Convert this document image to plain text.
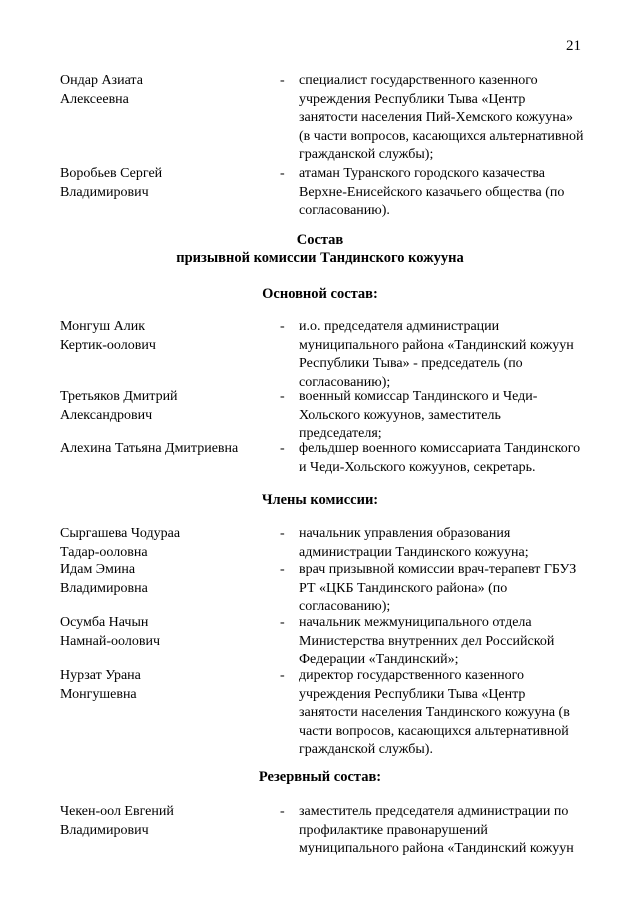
21
Ондар Азиата
Алексеевна
- специалист государственного казенного
учреждения Республики Тыва «Центр
занятости населения Пий-Хемского кожууна»
(в части вопросов, касающихся альтернативной
гражданской службы);
Воробьев Сергей
Владимирович
- атаман Туранского городского казачества
Верхне-Енисейского казачьего общества (по
согласованию).
Состав
призывной комиссии Тандинского кожууна
Основной состав:
Монгуш Алик
Кертик-оолович
- и.о. председателя администрации
муниципального района «Тандинский кожуун
Республики Тыва» - председатель (по
согласованию);
Третьяков Дмитрий
Александрович
- военный комиссар Тандинского и Чеди-
Хольского кожуунов, заместитель
председателя;
Алехина Татьяна Дмитриевна	- фельдшер военного комиссариата Тандинского
и Чеди-Хольского кожуунов, секретарь.
Члены комиссии:
Сыргашева Чодураа
Тадар-ооловна
- начальник управления образования
администрации Тандинского кожууна;
Идам Эмина
Владимировна
- врач призывной комиссии врач-терапевт ГБУЗ
РТ «ЦКБ Тандинского района» (по
согласованию);
Осумба Начын
Намнай-оолович
- начальник межмуниципального отдела
Министерства внутренних дел Российской
Федерации «Тандинский»;
Нурзат Урана
Монгушевна
- директор государственного казенного
учреждения Республики Тыва «Центр
занятости населения Тандинского кожууна (в
части вопросов, касающихся альтернативной
гражданской службы).
Резервный состав:
Чекен-оол Евгений
Владимирович
- заместитель председателя администрации по
профилактике правонарушений
муниципального района «Тандинский кожуун
